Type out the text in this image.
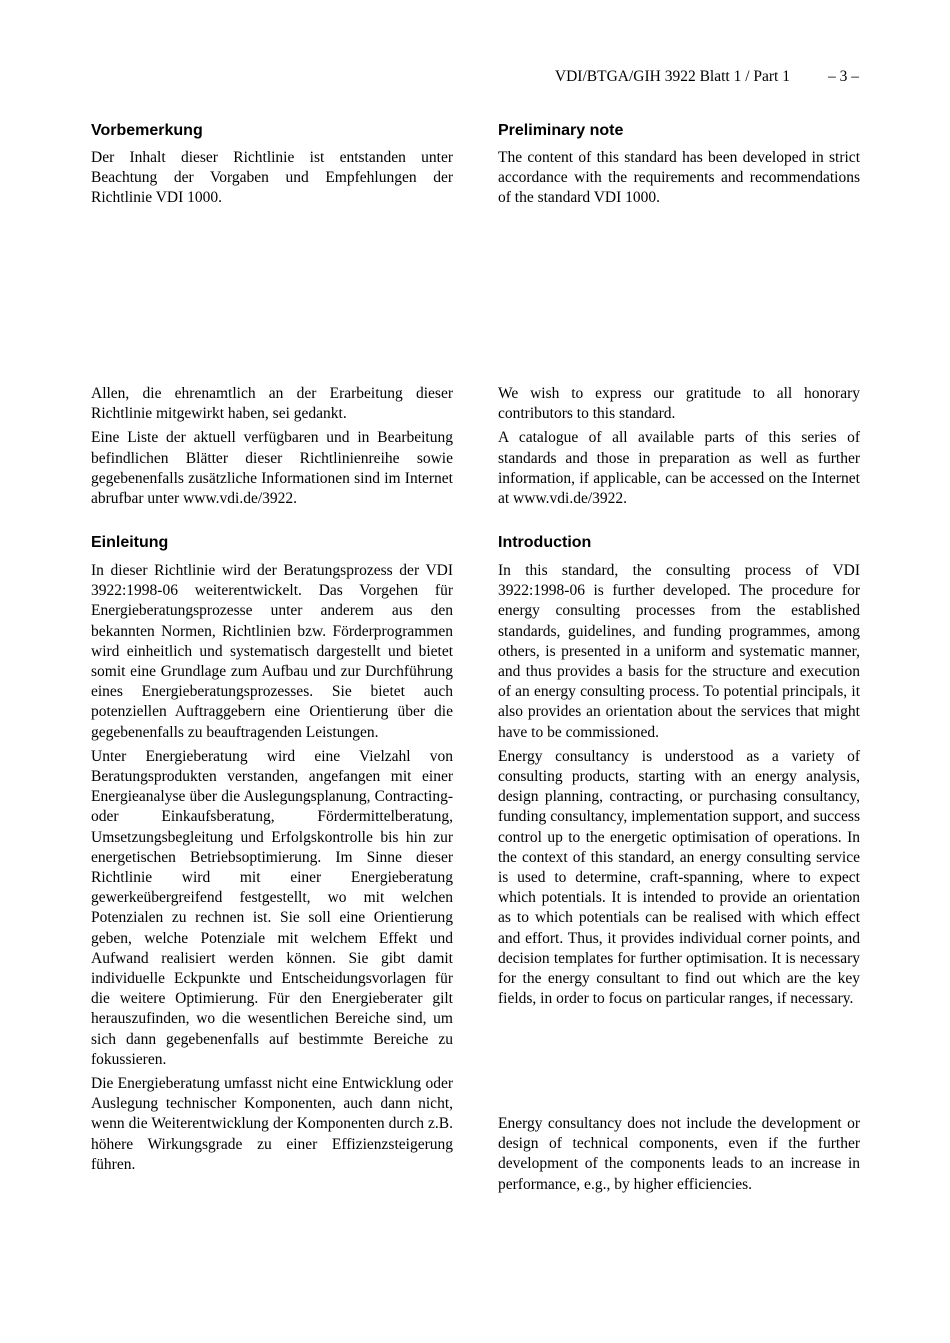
VDI/BTGA/GIH 3922 Blatt 1 / Part 1 – 3 –
Vorbemerkung	Preliminary note

Der Inhalt dieser Richtlinie ist entstanden unter Beachtung der Vorgaben und Empfehlungen der Richtlinie VDI 1000.

The content of this standard has been developed in strict accordance with the requirements and recommendations of the standard VDI 1000.

Allen, die ehrenamtlich an der Erarbeitung dieser Richtlinie mitgewirkt haben, sei gedankt.

Eine Liste der aktuell verfügbaren und in Bearbeitung befindlichen Blätter dieser Richtlinienreihe sowie gegebenenfalls zusätzliche Informationen sind im Internet abrufbar unter www.vdi.de/3922.

We wish to express our gratitude to all honorary contributors to this standard.

A catalogue of all available parts of this series of standards and those in preparation as well as further information, if applicable, can be accessed on the Internet at www.vdi.de/3922.

Einleitung	Introduction

In dieser Richtlinie wird der Beratungsprozess der VDI 3922:1998-06 weiterentwickelt. Das Vorgehen für Energieberatungsprozesse unter anderem aus den bekannten Normen, Richtlinien bzw. Förderprogrammen wird einheitlich und systematisch dargestellt und bietet somit eine Grundlage zum Aufbau und zur Durchführung eines Energieberatungsprozesses. Sie bietet auch potenziellen Auftraggebern eine Orientierung über die gegebenenfalls zu beauftragenden Leistungen.

Unter Energieberatung wird eine Vielzahl von Beratungsprodukten verstanden, angefangen mit einer Energieanalyse über die Auslegungsplanung, Contracting- oder Einkaufsberatung, Fördermittelberatung, Umsetzungsbegleitung und Erfolgskontrolle bis hin zur energetischen Betriebsoptimierung. Im Sinne dieser Richtlinie wird mit einer Energieberatung gewerkeübergreifend festgestellt, wo mit welchen Potenzialen zu rechnen ist. Sie soll eine Orientierung geben, welche Potenziale mit welchem Effekt und Aufwand realisiert werden können. Sie gibt damit individuelle Eckpunkte und Entscheidungsvorlagen für die weitere Optimierung. Für den Energieberater gilt herauszufinden, wo die wesentlichen Bereiche sind, um sich dann gegebenenfalls auf bestimmte Bereiche zu fokussieren.

Die Energieberatung umfasst nicht eine Entwicklung oder Auslegung technischer Komponenten, auch dann nicht, wenn die Weiterentwicklung der Komponenten durch z.B. höhere Wirkungsgrade zu einer Effizienzsteigerung führen.

In this standard, the consulting process of VDI 3922:1998-06 is further developed. The procedure for energy consulting processes from the established standards, guidelines, and funding programmes, among others, is presented in a uniform and systematic manner, and thus provides a basis for the structure and execution of an energy consulting process. To potential principals, it also provides an orientation about the services that might have to be commissioned.

Energy consultancy is understood as a variety of consulting products, starting with an energy analysis, design planning, contracting, or purchasing consultancy, funding consultancy, implementation support, and success control up to the energetic optimisation of operations. In the context of this standard, an energy consulting service is used to determine, craft-spanning, where to expect which potentials. It is intended to provide an orientation as to which potentials can be realised with which effect and effort. Thus, it provides individual corner points, and decision templates for further optimisation. It is necessary for the energy consultant to find out which are the key fields, in order to focus on particular ranges, if necessary.

Energy consultancy does not include the development or design of technical components, even if the further development of the components leads to an increase in performance, e.g., by higher efficiencies.
